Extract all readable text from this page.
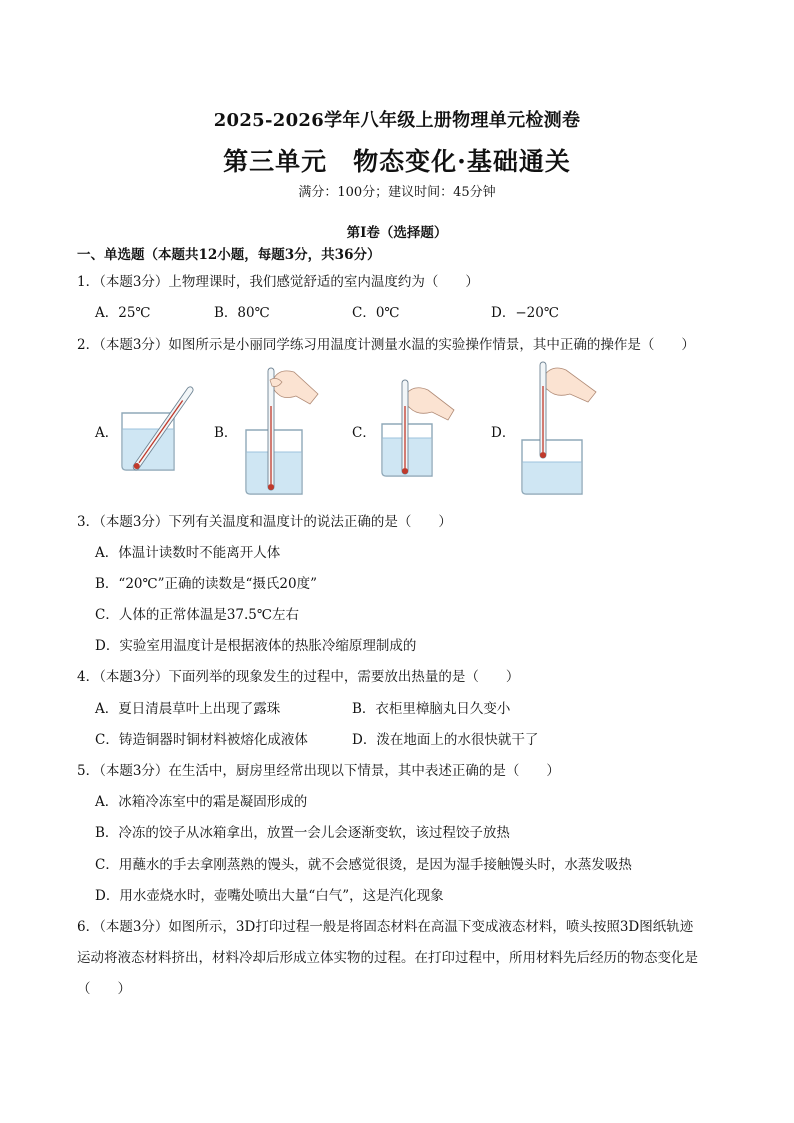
2025-2026学年八年级上册物理单元检测卷
第三单元　物态变化·基础通关
满分：100分；建议时间：45分钟
第Ⅰ卷（选择题）
一、单选题（本题共12小题，每题3分，共36分）
1．（本题3分）上物理课时，我们感觉舒适的室内温度约为（　　）
A．25℃	B．80℃	C．0℃	D．−20℃
2．（本题3分）如图所示是小丽同学练习用温度计测量水温的实验操作情景，其中正确的操作是（　　）
A．	B．	C．	D．
3．（本题3分）下列有关温度和温度计的说法正确的是（　　）
A．体温计读数时不能离开人体
B．“20℃”正确的读数是“摄氏20度”
C．人体的正常体温是37.5℃左右
D．实验室用温度计是根据液体的热胀冷缩原理制成的
4．（本题3分）下面列举的现象发生的过程中，需要放出热量的是（　　）
A．夏日清晨草叶上出现了露珠	B．衣柜里樟脑丸日久变小
C．铸造铜器时铜材料被熔化成液体	D．泼在地面上的水很快就干了
5．（本题3分）在生活中，厨房里经常出现以下情景，其中表述正确的是（　　）
A．冰箱冷冻室中的霜是凝固形成的
B．冷冻的饺子从冰箱拿出，放置一会儿会逐渐变软，该过程饺子放热
C．用蘸水的手去拿刚蒸熟的馒头，就不会感觉很烫，是因为湿手接触馒头时，水蒸发吸热
D．用水壶烧水时，壶嘴处喷出大量“白气”，这是汽化现象
6．（本题3分）如图所示，3D打印过程一般是将固态材料在高温下变成液态材料，喷头按照3D图纸轨迹
运动将液态材料挤出，材料冷却后形成立体实物的过程。在打印过程中，所用材料先后经历的物态变化是
（　　）
